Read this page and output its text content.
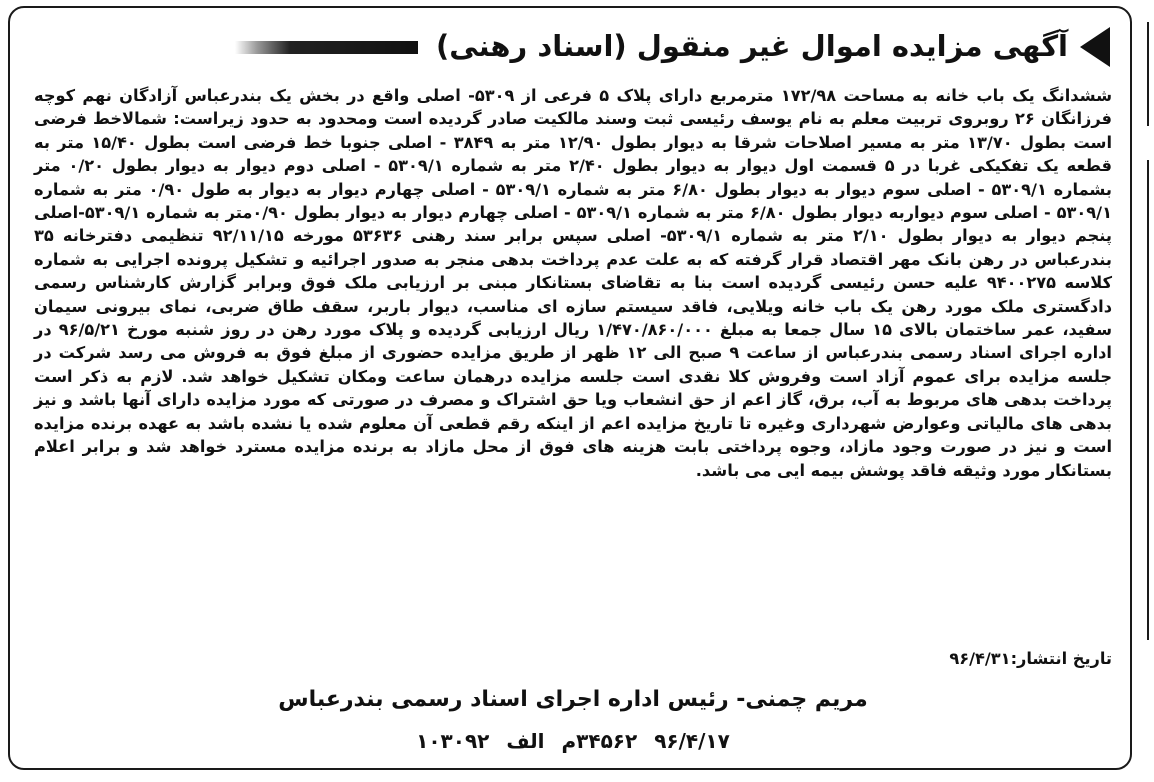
آگهی مزایده اموال غیر منقول (اسناد رهنی)

ششدانگ یک باب خانه به مساحت ۱۷۲/۹۸ مترمربع دارای پلاک ۵ فرعی از ۵۳۰۹- اصلی واقع در بخش یک بندرعباس آزادگان نهم کوچه فرزانگان ۲۶ روبروی تربیت معلم به نام یوسف رئیسی ثبت وسند مالکیت صادر گردیده است ومحدود به حدود زیراست: شمالاخط فرضی است بطول ۱۳/۷۰ متر به مسیر اصلاحات شرقا به دیوار بطول ۱۲/۹۰ متر به ۳۸۴۹ - اصلی جنوبا خط فرضی است بطول ۱۵/۴۰ متر به قطعه یک تفکیکی غربا در ۵ قسمت اول دیوار به دیوار بطول ۲/۴۰ متر به شماره ۵۳۰۹/۱ - اصلی دوم دیوار به دیوار بطول ۰/۲۰ متر بشماره ۵۳۰۹/۱ - اصلی سوم دیوار به دیوار بطول ۶/۸۰ متر به شماره ۵۳۰۹/۱ - اصلی چهارم دیوار به دیوار به طول ۰/۹۰ متر به شماره ۵۳۰۹/۱ - اصلی سوم دیواربه دیوار بطول ۶/۸۰ متر به شماره ۵۳۰۹/۱ - اصلی چهارم دیوار به دیوار بطول ۰/۹۰متر به شماره ۵۳۰۹/۱-اصلی پنجم دیوار به دیوار بطول ۲/۱۰ متر به شماره ۵۳۰۹/۱- اصلی سپس برابر سند رهنی ۵۳۶۳۶ مورخه ۹۲/۱۱/۱۵ تنظیمی دفترخانه ۳۵ بندرعباس در رهن بانک مهر اقتصاد قرار گرفته که به علت عدم پرداخت بدهی منجر به صدور اجرائیه و تشکیل پرونده اجرایی به شماره کلاسه ۹۴۰۰۲۷۵ علیه حسن رئیسی گردیده است بنا به تقاضای بستانکار مبنی بر ارزیابی ملک فوق وبرابر گزارش کارشناس رسمی دادگستری ملک مورد رهن یک باب خانه ویلایی، فاقد سیستم سازه ای مناسب، دیوار باربر، سقف طاق ضربی، نمای بیرونی سیمان سفید، عمر ساختمان بالای ۱۵ سال جمعا به مبلغ ۱/۴۷۰/۸۶۰/۰۰۰ ریال ارزیابی گردیده و پلاک مورد رهن در روز شنبه مورخ ۹۶/۵/۲۱ در اداره اجرای اسناد رسمی بندرعباس از ساعت ۹ صبح الی ۱۲ ظهر از طریق مزایده حضوری از مبلغ فوق به فروش می رسد شرکت در جلسه مزایده برای عموم آزاد است وفروش کلا نقدی است جلسه مزایده درهمان ساعت ومکان تشکیل خواهد شد. لازم به ذکر است پرداخت بدهی های مربوط به آب، برق، گاز اعم از حق انشعاب ویا حق اشتراک و مصرف در صورتی که مورد مزایده دارای آنها باشد و نیز بدهی های مالیاتی وعوارض شهرداری وغیره تا تاریخ مزایده اعم از اینکه رقم قطعی آن معلوم شده یا نشده باشد به عهده برنده مزایده است و نیز در صورت وجود مازاد، وجوه پرداختی بابت هزینه های فوق از محل مازاد به برنده مزایده مسترد خواهد شد و برابر اعلام بستانکار مورد وثیقه فاقد پوشش بیمه ایی می باشد.

تاریخ انتشار:۹۶/۴/۳۱
مریم چمنی- رئیس اداره اجرای اسناد رسمی بندرعباس
۹۶/۴/۱۷ ۳۴۵۶۲م الف ۱۰۳۰۹۲
